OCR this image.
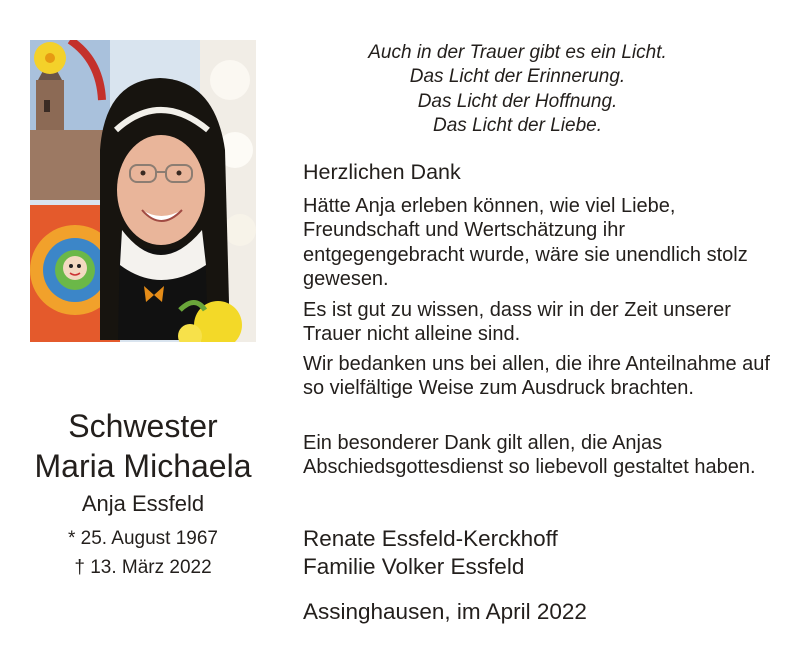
Schwester
Maria Michaela
Anja Essfeld
* 25. August 1967
† 13. März 2022
Auch in der Trauer gibt es ein Licht.
Das Licht der Erinnerung.
Das Licht der Hoffnung.
Das Licht der Liebe.
Herzlichen Dank

Hätte Anja erleben können, wie viel Liebe, Freundschaft und Wertschätzung ihr entgegengebracht wurde, wäre sie unendlich stolz gewesen.

Es ist gut zu wissen, dass wir in der Zeit unserer Trauer nicht alleine sind.

Wir bedanken uns bei allen, die ihre Anteilnahme auf so vielfältige Weise zum Ausdruck brachten.

Ein besonderer Dank gilt allen, die Anjas Abschiedsgottesdienst so liebevoll gestaltet haben.

Renate Essfeld-Kerckhoff
Familie Volker Essfeld
Assinghausen, im April 2022
